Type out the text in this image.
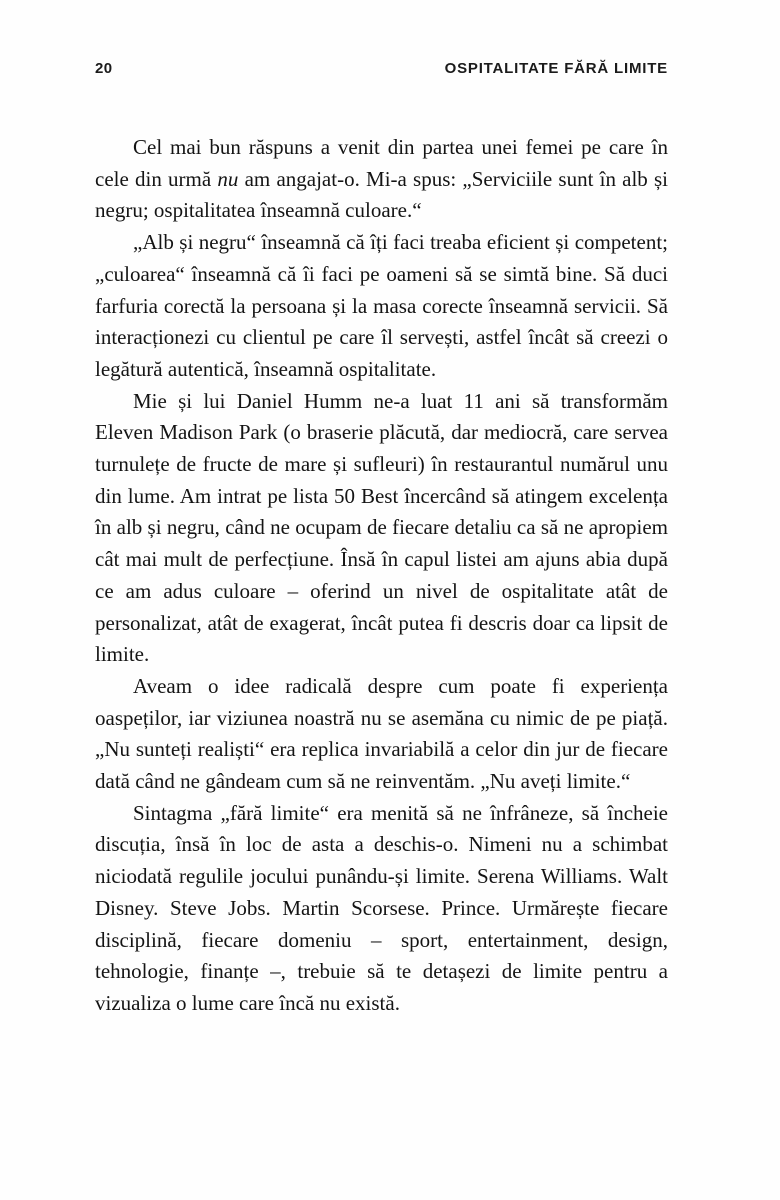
20	OSPITALITATE FĂRĂ LIMITE

Cel mai bun răspuns a venit din partea unei femei pe care în cele din urmă nu am angajat-o. Mi-a spus: „Serviciile sunt în alb și negru; ospitalitatea înseamnă culoare.“

„Alb și negru“ înseamnă că îți faci treaba eficient și competent; „culoarea“ înseamnă că îi faci pe oameni să se simtă bine. Să duci farfuria corectă la persoana și la masa corecte înseamnă servicii. Să interacționezi cu clientul pe care îl servești, astfel încât să creezi o legătură autentică, înseamnă ospitalitate.

Mie și lui Daniel Humm ne-a luat 11 ani să transformăm Eleven Madison Park (o braserie plăcută, dar mediocră, care servea turnulețe de fructe de mare și sufleuri) în restaurantul numărul unu din lume. Am intrat pe lista 50 Best încercând să atingem excelența în alb și negru, când ne ocupam de fiecare detaliu ca să ne apropiem cât mai mult de perfecțiune. Însă în capul listei am ajuns abia după ce am adus culoare – oferind un nivel de ospitalitate atât de personalizat, atât de exagerat, încât putea fi descris doar ca lipsit de limite.

Aveam o idee radicală despre cum poate fi experiența oaspeților, iar viziunea noastră nu se asemăna cu nimic de pe piață. „Nu sunteți realiști“ era replica invariabilă a celor din jur de fiecare dată când ne gândeam cum să ne reinventăm. „Nu aveți limite.“

Sintagma „fără limite“ era menită să ne înfrâneze, să încheie discuția, însă în loc de asta a deschis-o. Nimeni nu a schimbat niciodată regulile jocului punându-și limite. Serena Williams. Walt Disney. Steve Jobs. Martin Scorsese. Prince. Urmărește fiecare disciplină, fiecare domeniu – sport, entertainment, design, tehnologie, finanțe –, trebuie să te detașezi de limite pentru a vizualiza o lume care încă nu există.
